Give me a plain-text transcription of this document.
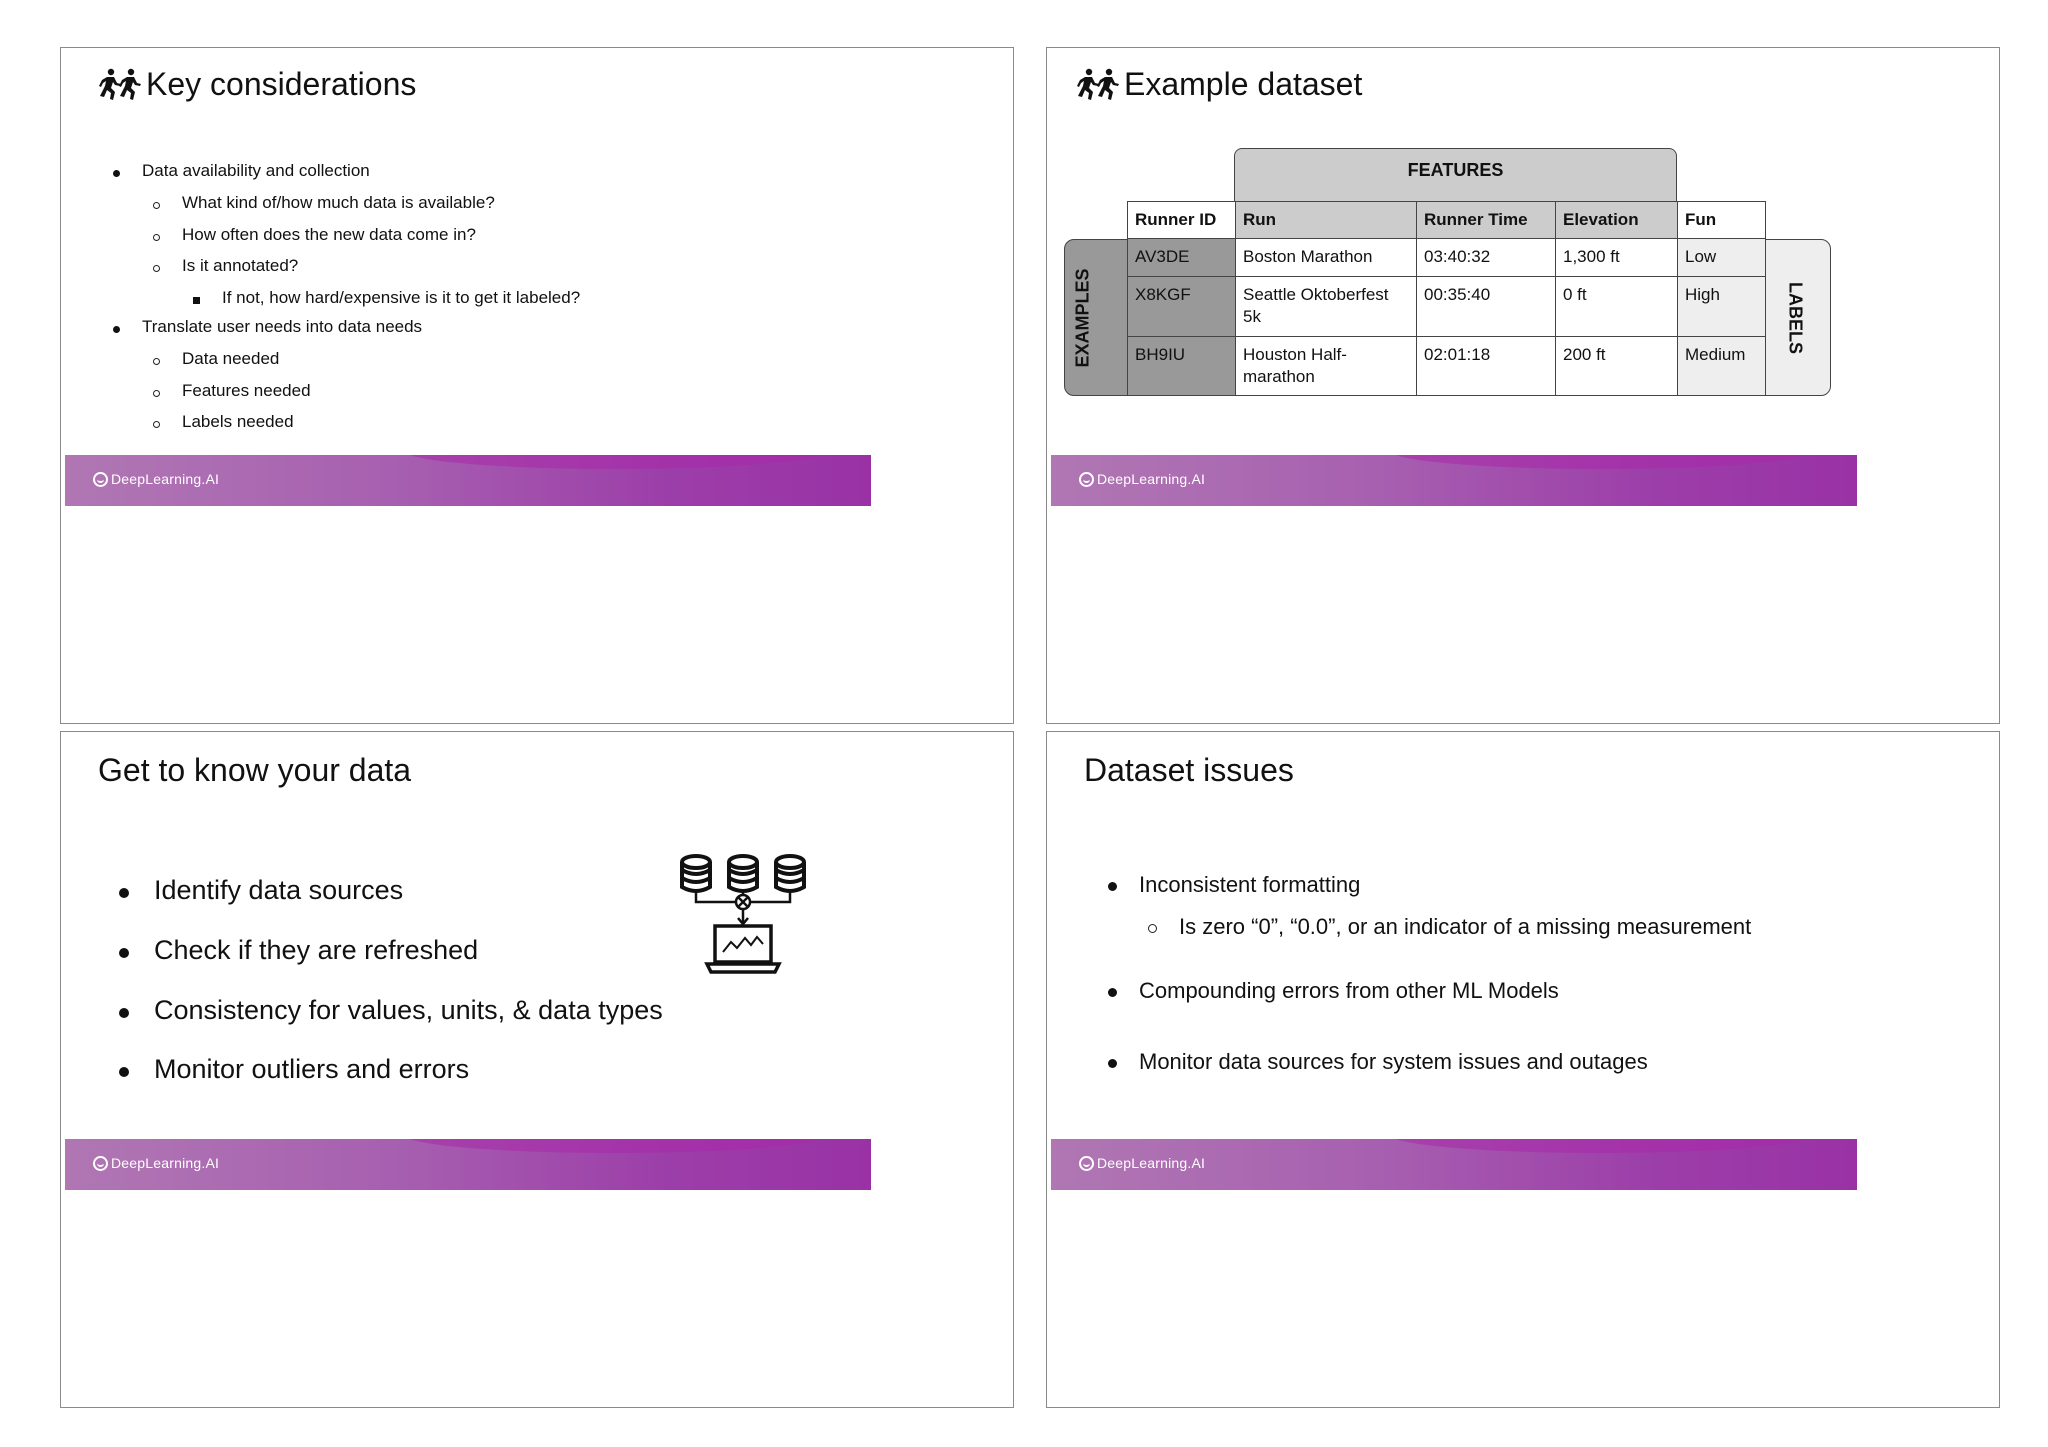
Key considerations
Data availability and collection
What kind of/how much data is available?
How often does the new data come in?
Is it annotated?
If not, how hard/expensive is it to get it labeled?
Translate user needs into data needs
Data needed
Features needed
Labels needed
DeepLearning.AI
Example dataset
FEATURES
Runner ID	Run	Runner Time	Elevation	Fun
AV3DE	Boston Marathon	03:40:32	1,300 ft	Low
X8KGF	Seattle Oktoberfest 5k	00:35:40	0 ft	High
BH9IU	Houston Half-marathon	02:01:18	200 ft	Medium
EXAMPLES	LABELS
DeepLearning.AI
Get to know your data
Identify data sources
Check if they are refreshed
Consistency for values, units, & data types
Monitor outliers and errors
DeepLearning.AI
Dataset issues
Inconsistent formatting
Is zero “0”, “0.0”, or an indicator of a missing measurement
Compounding errors from other ML Models
Monitor data sources for system issues and outages
DeepLearning.AI
